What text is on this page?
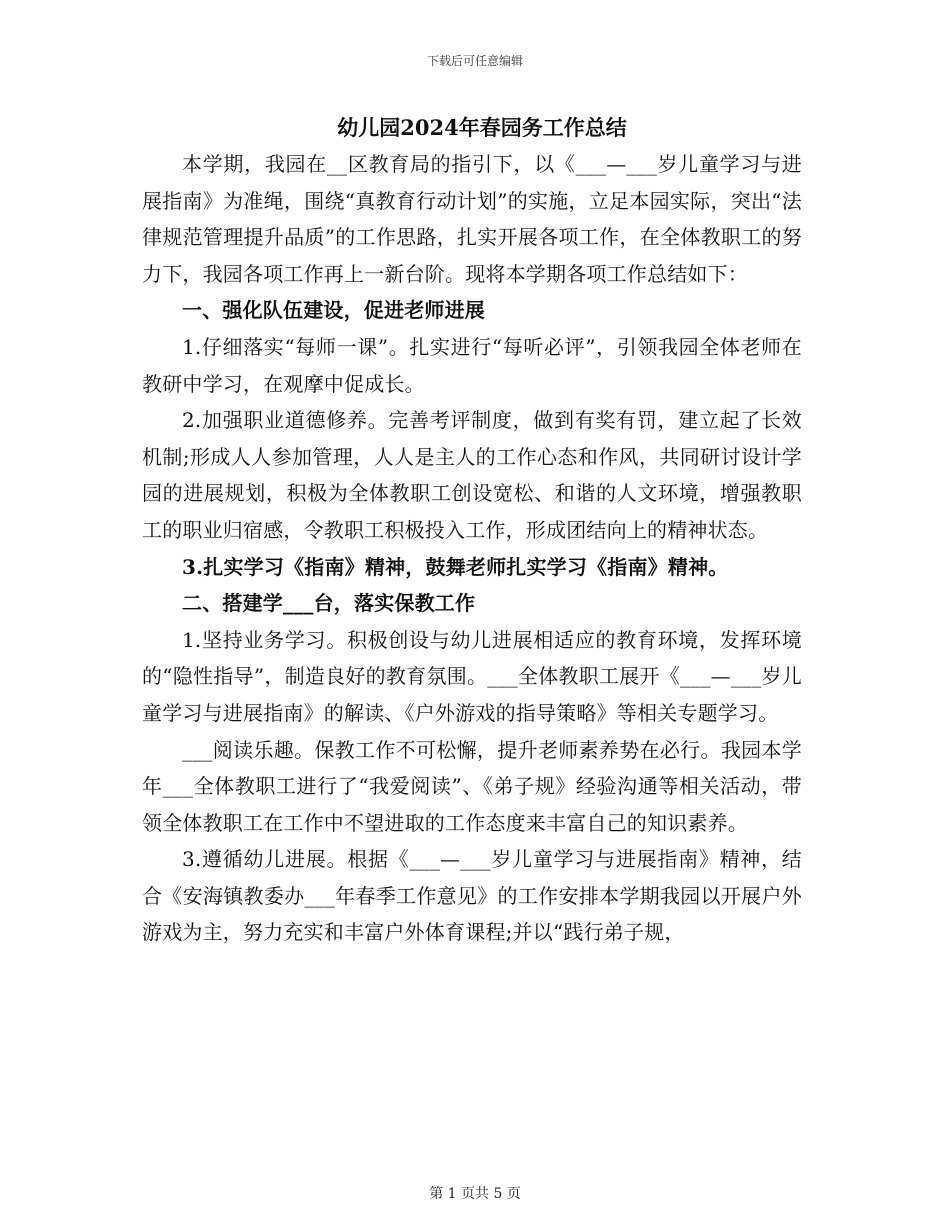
下载后可任意编辑
幼儿园2024年春园务工作总结

本学期，我园在__区教育局的指引下，以《___—___岁儿童学习与进展指南》为准绳，围绕“真教育行动计划”的实施，立足本园实际，突出“法律规范管理提升品质”的工作思路，扎实开展各项工作，在全体教职工的努力下，我园各项工作再上一新台阶。现将本学期各项工作总结如下：

一、强化队伍建设，促进老师进展

1.仔细落实“每师一课”。扎实进行“每听必评”，引领我园全体老师在教研中学习，在观摩中促成长。

2.加强职业道德修养。完善考评制度，做到有奖有罚，建立起了长效机制;形成人人参加管理，人人是主人的工作心态和作风，共同研讨设计学园的进展规划，积极为全体教职工创设宽松、和谐的人文环境，增强教职工的职业归宿感，令教职工积极投入工作，形成团结向上的精神状态。

3.扎实学习《指南》精神，鼓舞老师扎实学习《指南》精神。

二、搭建学___台，落实保教工作

1.坚持业务学习。积极创设与幼儿进展相适应的教育环境，发挥环境的“隐性指导”，制造良好的教育氛围。___全体教职工展开《___—___岁儿童学习与进展指南》的解读、《户外游戏的指导策略》等相关专题学习。

___阅读乐趣。保教工作不可松懈，提升老师素养势在必行。我园本学年___全体教职工进行了“我爱阅读”、《弟子规》经验沟通等相关活动，带领全体教职工在工作中不望进取的工作态度来丰富自己的知识素养。

3.遵循幼儿进展。根据《___—___岁儿童学习与进展指南》精神，结合《安海镇教委办___年春季工作意见》的工作安排本学期我园以开展户外游戏为主，努力充实和丰富户外体育课程;并以“践行弟子规，

第 1 页共 5 页
